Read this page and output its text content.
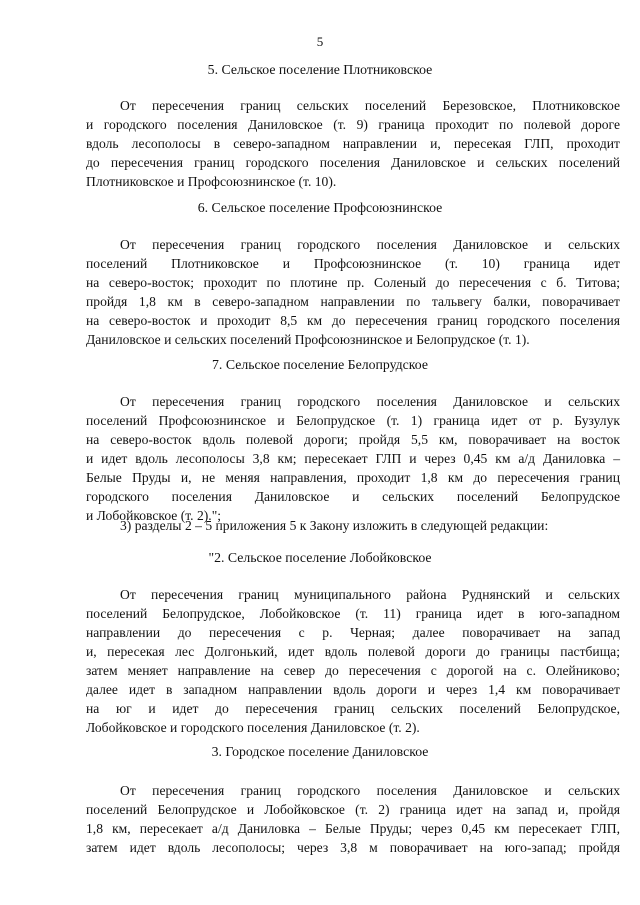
5
5. Сельское поселение Плотниковское
От пересечения границ сельских поселений Березовское, Плотниковское
и городского поселения Даниловское (т. 9) граница проходит по полевой дороге
вдоль лесополосы в северо-западном направлении и, пересекая ГЛП, проходит
до пересечения границ городского поселения Даниловское и сельских поселений
Плотниковское и Профсоюзнинское (т. 10).
6. Сельское поселение Профсоюзнинское
От пересечения границ городского поселения Даниловское и сельских
поселений Плотниковское и Профсоюзнинское (т. 10) граница идет
на северо-восток; проходит по плотине пр. Соленый до пересечения с б. Титова;
пройдя 1,8 км в северо-западном направлении по тальвегу балки, поворачивает
на северо-восток и проходит 8,5 км до пересечения границ городского поселения
Даниловское и сельских поселений Профсоюзнинское и Белопрудское (т. 1).
7. Сельское поселение Белопрудское
От пересечения границ городского поселения Даниловское и сельских
поселений Профсоюзнинское и Белопрудское (т. 1) граница идет от р. Бузулук
на северо-восток вдоль полевой дороги; пройдя 5,5 км, поворачивает на восток
и идет вдоль лесополосы 3,8 км; пересекает ГЛП и через 0,45 км а/д Даниловка –
Белые Пруды и, не меняя направления, проходит 1,8 км до пересечения границ
городского поселения Даниловское и сельских поселений Белопрудское
и Лобойковское (т. 2).";
3) разделы 2 – 5 приложения 5 к Закону изложить в следующей редакции:
"2. Сельское поселение Лобойковское
От пересечения границ муниципального района Руднянский и сельских
поселений Белопрудское, Лобойковское (т. 11) граница идет в юго-западном
направлении до пересечения с р. Черная; далее поворачивает на запад
и, пересекая лес Долгонький, идет вдоль полевой дороги до границы пастбища;
затем меняет направление на север до пересечения с дорогой на с. Олейниково;
далее идет в западном направлении вдоль дороги и через 1,4 км поворачивает
на юг и идет до пересечения границ сельских поселений Белопрудское,
Лобойковское и городского поселения Даниловское (т. 2).
3. Городское поселение Даниловское
От пересечения границ городского поселения Даниловское и сельских
поселений Белопрудское и Лобойковское (т. 2) граница идет на запад и, пройдя
1,8 км, пересекает а/д Даниловка – Белые Пруды; через 0,45 км пересекает ГЛП,
затем идет вдоль лесополосы; через 3,8 м поворачивает на юго-запад; пройдя
